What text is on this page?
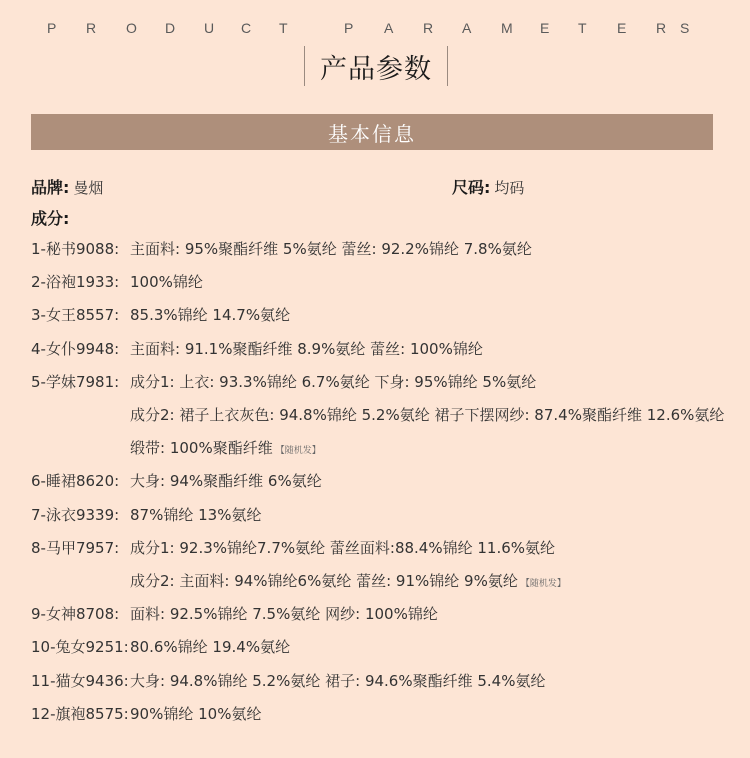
P R O D U C T	P A R A M E T E R S
产品参数
基本信息
品牌: 曼烟	尺码: 均码
成分:
1-秘书9088: 主面料: 95%聚酯纤维 5%氨纶 蕾丝: 92.2%锦纶 7.8%氨纶
2-浴袍1933: 100%锦纶
3-女王8557: 85.3%锦纶 14.7%氨纶
4-女仆9948: 主面料: 91.1%聚酯纤维 8.9%氨纶 蕾丝: 100%锦纶
5-学妹7981: 成分1: 上衣: 93.3%锦纶 6.7%氨纶 下身: 95%锦纶 5%氨纶
成分2: 裙子上衣灰色: 94.8%锦纶 5.2%氨纶 裙子下摆网纱: 87.4%聚酯纤维 12.6%氨纶
缎带: 100%聚酯纤维 【随机发】
6-睡裙8620: 大身: 94%聚酯纤维 6%氨纶
7-泳衣9339: 87%锦纶 13%氨纶
8-马甲7957: 成分1: 92.3%锦纶7.7%氨纶 蕾丝面料:88.4%锦纶 11.6%氨纶
成分2: 主面料: 94%锦纶6%氨纶 蕾丝: 91%锦纶 9%氨纶 【随机发】
9-女神8708: 面料: 92.5%锦纶 7.5%氨纶 网纱: 100%锦纶
10-兔女9251:80.6%锦纶 19.4%氨纶
11-猫女9436:大身: 94.8%锦纶 5.2%氨纶 裙子: 94.6%聚酯纤维 5.4%氨纶
12-旗袍8575:90%锦纶 10%氨纶
